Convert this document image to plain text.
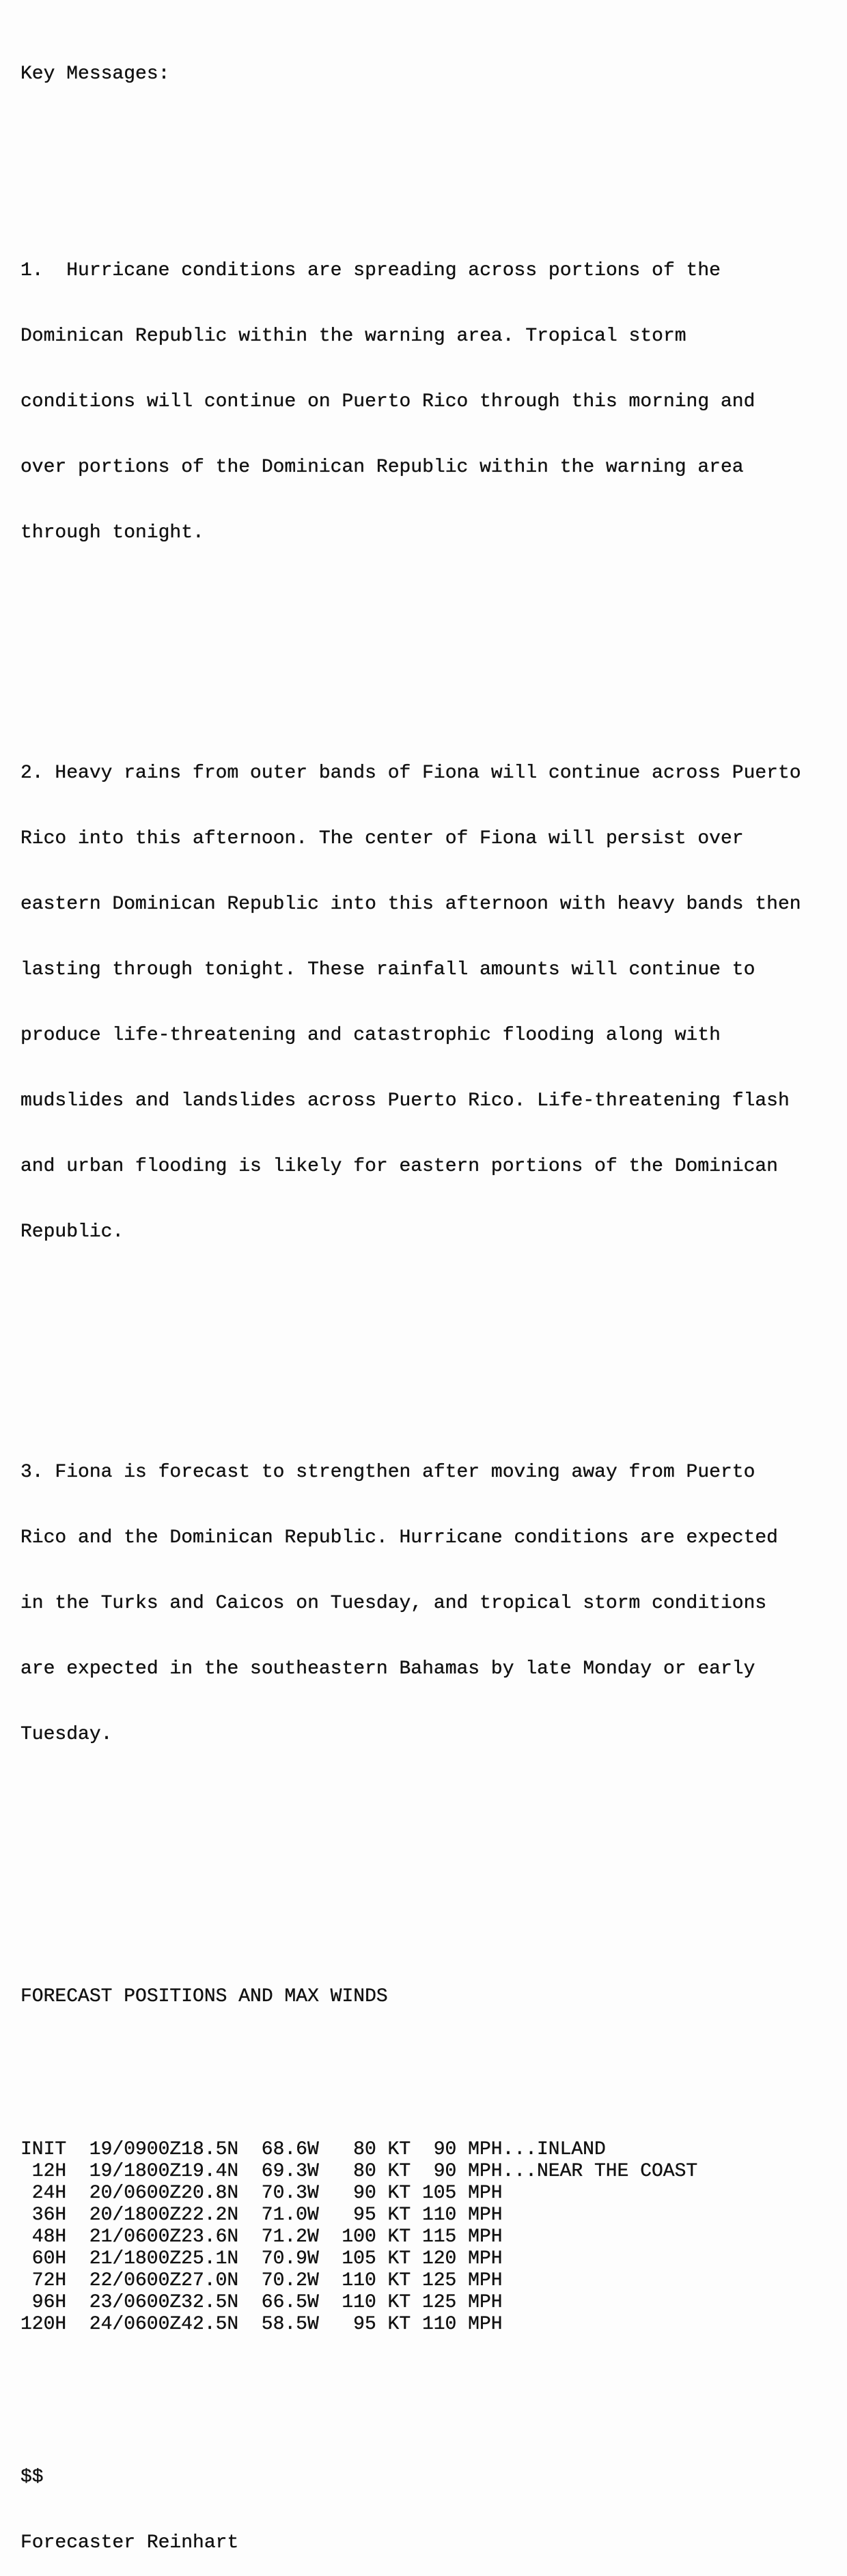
Key Messages:

1.  Hurricane conditions are spreading across portions of the

Dominican Republic within the warning area. Tropical storm

conditions will continue on Puerto Rico through this morning and

over portions of the Dominican Republic within the warning area

through tonight.

2. Heavy rains from outer bands of Fiona will continue across Puerto

Rico into this afternoon. The center of Fiona will persist over

eastern Dominican Republic into this afternoon with heavy bands then

lasting through tonight. These rainfall amounts will continue to

produce life-threatening and catastrophic flooding along with

mudslides and landslides across Puerto Rico. Life-threatening flash

and urban flooding is likely for eastern portions of the Dominican

Republic.

3. Fiona is forecast to strengthen after moving away from Puerto

Rico and the Dominican Republic. Hurricane conditions are expected

in the Turks and Caicos on Tuesday, and tropical storm conditions

are expected in the southeastern Bahamas by late Monday or early

Tuesday.

FORECAST POSITIONS AND MAX WINDS

INIT 19/0900Z18.5N 68.6W 80 KT 90 MPH...INLAND
12H 19/1800Z19.4N 69.3W 80 KT 90 MPH...NEAR THE COAST
24H 20/0600Z20.8N 70.3W 90 KT 105 MPH
36H 20/1800Z22.2N 71.0W 95 KT 110 MPH
48H 21/0600Z23.6N 71.2W 100 KT 115 MPH
60H 21/1800Z25.1N 70.9W 105 KT 120 MPH
72H 22/0600Z27.0N 70.2W 110 KT 125 MPH
96H 23/0600Z32.5N 66.5W 110 KT 125 MPH
120H 24/0600Z42.5N 58.5W 95 KT 110 MPH

$$

Forecaster Reinhart
